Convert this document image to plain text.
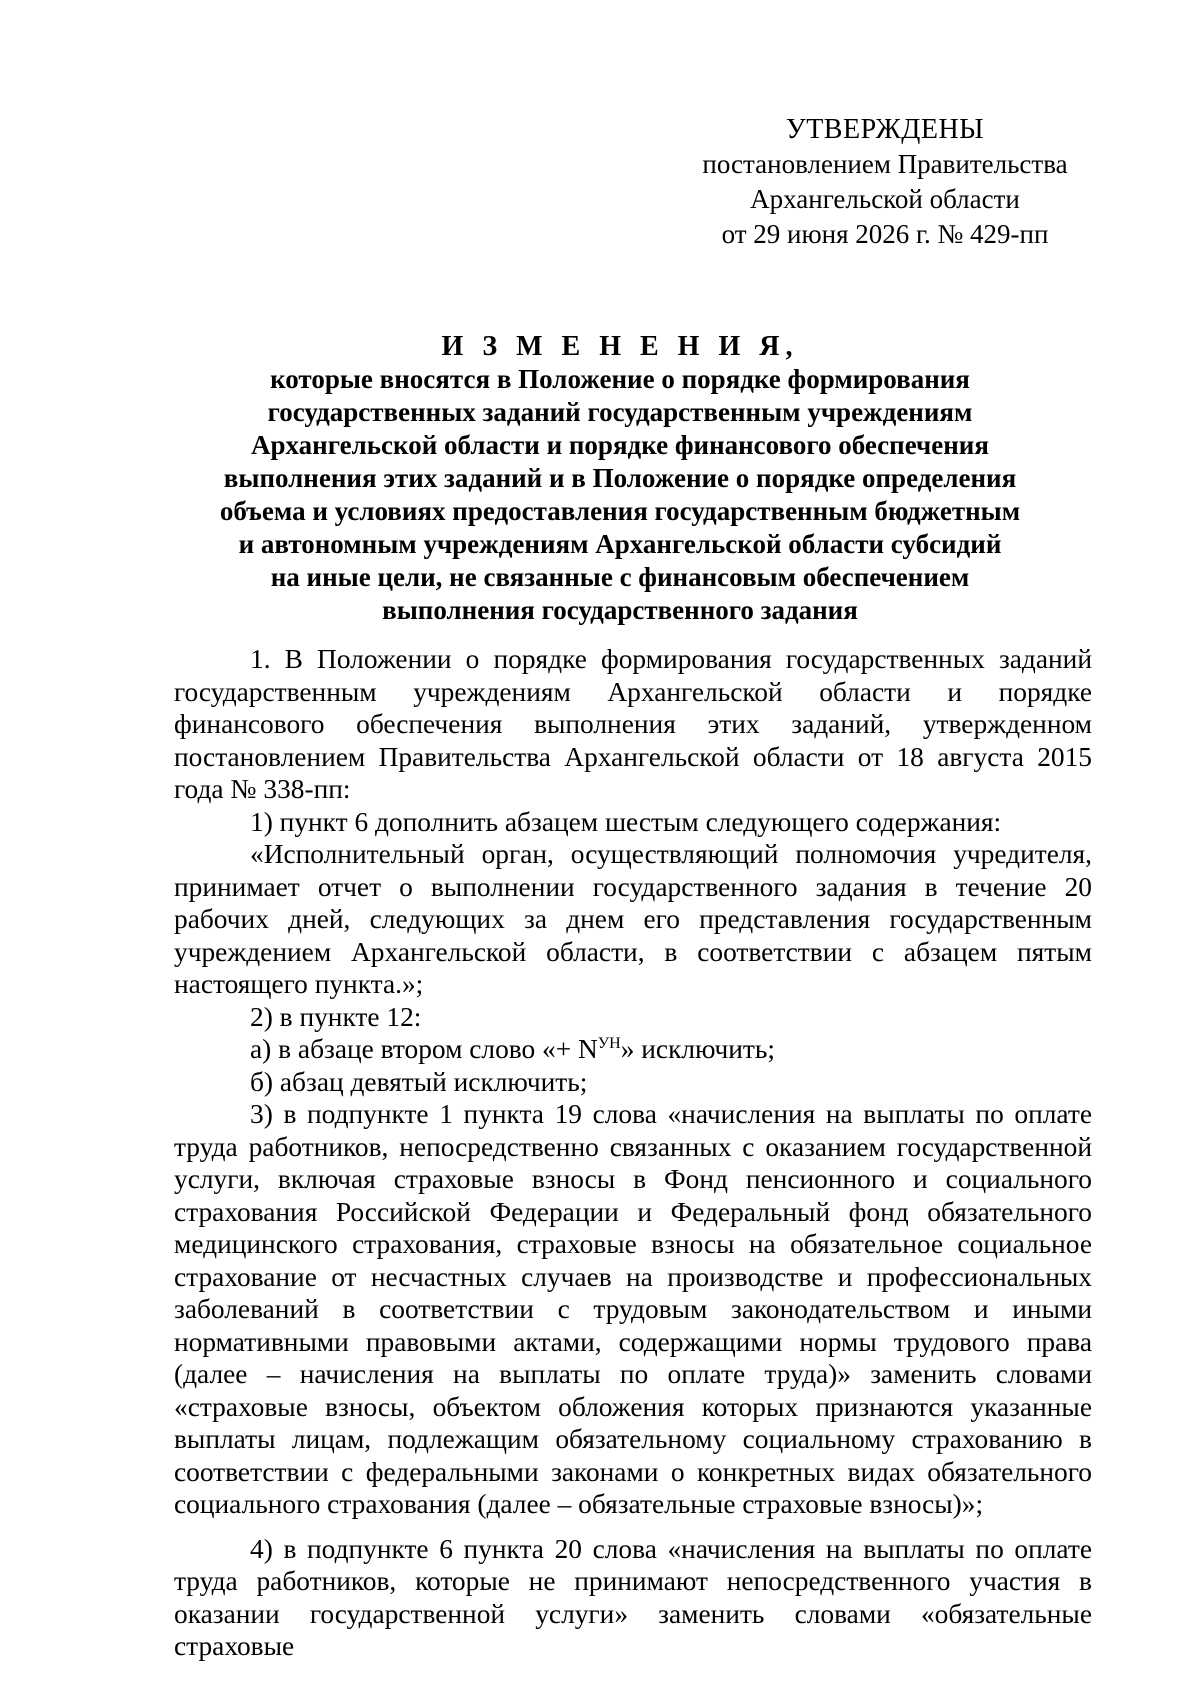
УТВЕРЖДЕНЫ
постановлением Правительства
Архангельской области
от 29 июня 2026 г. № 429-пп
И З М Е Н Е Н И Я,
которые вносятся в Положение о порядке формирования
государственных заданий государственным учреждениям
Архангельской области и порядке финансового обеспечения
выполнения этих заданий и в Положение о порядке определения
объема и условиях предоставления государственным бюджетным
и автономным учреждениям Архангельской области субсидий
на иные цели, не связанные с финансовым обеспечением
выполнения государственного задания

1. В Положении о порядке формирования государственных заданий государственным учреждениям Архангельской области и порядке финансового обеспечения выполнения этих заданий, утвержденном постановлением Правительства Архангельской области от 18 августа 2015 года № 338-пп:

1) пункт 6 дополнить абзацем шестым следующего содержания:

«Исполнительный орган, осуществляющий полномочия учредителя, принимает отчет о выполнении государственного задания в течение 20 рабочих дней, следующих за днем его представления государственным учреждением Архангельской области, в соответствии с абзацем пятым настоящего пункта.»;

2) в пункте 12:

а) в абзаце втором слово «+ $N^{УН}$» исключить;

б) абзац девятый исключить;

3) в подпункте 1 пункта 19 слова «начисления на выплаты по оплате труда работников, непосредственно связанных с оказанием государственной услуги, включая страховые взносы в Фонд пенсионного и социального страхования Российской Федерации и Федеральный фонд обязательного медицинского страхования, страховые взносы на обязательное социальное страхование от несчастных случаев на производстве и профессиональных заболеваний в соответствии с трудовым законодательством и иными нормативными правовыми актами, содержащими нормы трудового права (далее – начисления на выплаты по оплате труда)» заменить словами «страховые взносы, объектом обложения которых признаются указанные выплаты лицам, подлежащим обязательному социальному страхованию в соответствии с федеральными законами о конкретных видах обязательного социального страхования (далее – обязательные страховые взносы)»;

4) в подпункте 6 пункта 20 слова «начисления на выплаты по оплате труда работников, которые не принимают непосредственного участия в оказании государственной услуги» заменить словами «обязательные страховые
